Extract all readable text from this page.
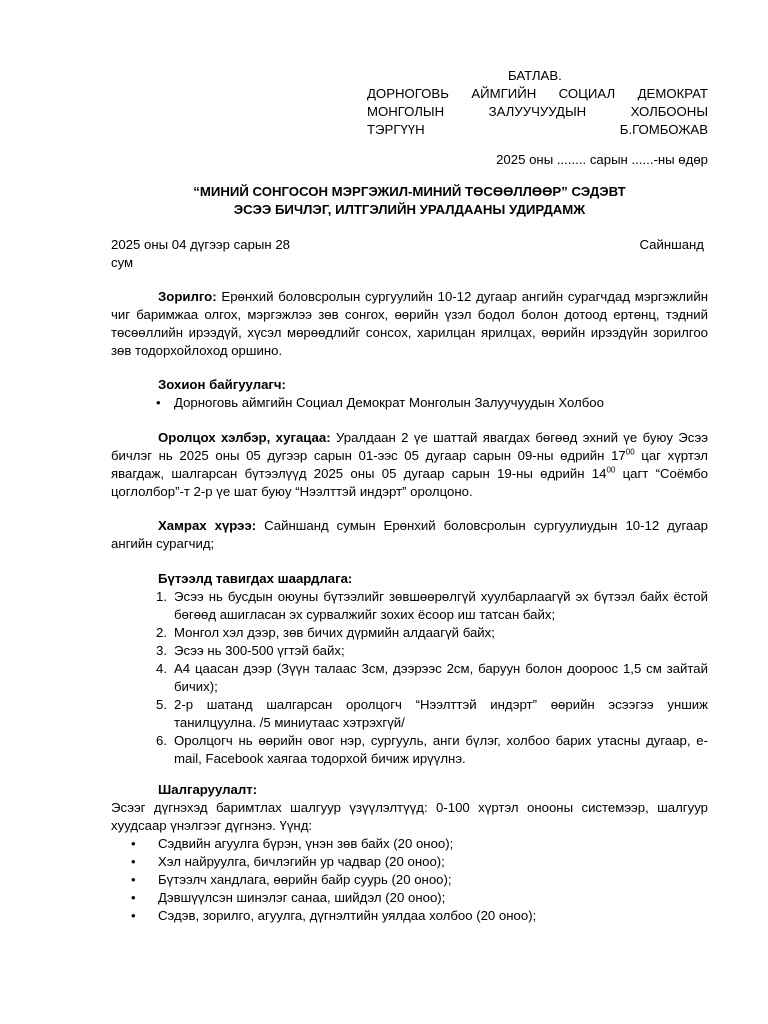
БАТЛАВ.
ДОРНОГОВЬ АЙМГИЙН СОЦИАЛ ДЕМОКРАТ
МОНГОЛЫН ЗАЛУУЧУУДЫН ХОЛБООНЫ
ТЭРГҮҮН Б.ГОМБОЖАВ
2025 оны ........ сарын ......-ны өдөр
“МИНИЙ СОНГОСОН МЭРГЭЖИЛ-МИНИЙ ТӨСӨӨЛЛӨӨР” СЭДЭВТ
ЭСЭЭ БИЧЛЭГ, ИЛТГЭЛИЙН УРАЛДААНЫ УДИРДАМЖ
2025 оны 04 дүгээр сарын 28	Сайншанд
сум
Зорилго: Ерөнхий боловсролын сургуулийн 10-12 дугаар ангийн сурагчдад мэргэжлийн чиг баримжаа олгох, мэргэжлээ зөв сонгох, өөрийн үзэл бодол болон дотоод ертөнц, тэдний төсөөллийн ирээдүй, хүсэл мөрөөдлийг сонсох, харилцан ярилцах, өөрийн ирээдүйн зорилгоо зөв тодорхойлоход оршино.
Зохион байгуулагч:
• Дорноговь аймгийн Социал Демократ Монголын Залуучуудын Холбоо
Оролцох хэлбэр, хугацаа: Уралдаан 2 үе шаттай явагдах бөгөөд эхний үе буюу Эсээ бичлэг нь 2025 оны 05 дугээр сарын 01-ээс 05 дугаар сарын 09-ны өдрийн $17^{00}$ цаг хүртэл явагдаж, шалгарсан бүтээлүүд 2025 оны 05 дугаар сарын 19-ны өдрийн $14^{00}$ цагт “Соёмбо цоглолбор”-т 2-р үе шат буюу “Нээлттэй индэрт” оролцоно.
Хамрах хүрээ: Сайншанд сумын Ерөнхий боловсролын сургуулиудын 10-12 дугаар ангийн сурагчид;
Бүтээлд тавигдах шаардлага:
1. Эсээ нь бусдын оюуны бүтээлийг зөвшөөрөлгүй хуулбарлаагүй эх бүтээл байх ёстой бөгөөд ашигласан эх сурвалжийг зохих ёсоор иш татсан байх;
2. Монгол хэл дээр, зөв бичих дүрмийн алдаагүй байх;
3. Эсээ нь 300-500 үгтэй байх;
4. А4 цаасан дээр (Зүүн талаас 3см, дээрээс 2см, баруун болон доороос 1,5 см зайтай бичих);
5. 2-р шатанд шалгарсан оролцогч “Нээлттэй индэрт” өөрийн эсээгээ уншиж танилцуулна. /5 миниутаас хэтрэхгүй/
6. Оролцогч нь өөрийн овог нэр, сургууль, анги бүлэг, холбоо барих утасны дугаар, e-mail, Facebook хаягаа тодорхой бичиж ирүүлнэ.
Шалгаруулалт:
Эсээг дүгнэхэд баримтлах шалгуур үзүүлэлтүүд: 0-100 хүртэл онооны системээр, шалгуур хуудсаар үнэлгээг дүгнэнэ. Үүнд:
• Сэдвийн агуулга бүрэн, үнэн зөв байх (20 оноо);
• Хэл найруулга, бичлэгийн ур чадвар (20 оноо);
• Бүтээлч хандлага, өөрийн байр суурь (20 оноо);
• Дэвшүүлсэн шинэлэг санаа, шийдэл (20 оноо);
• Сэдэв, зорилго, агуулга, дүгнэлтийн уялдаа холбоо (20 оноо);
